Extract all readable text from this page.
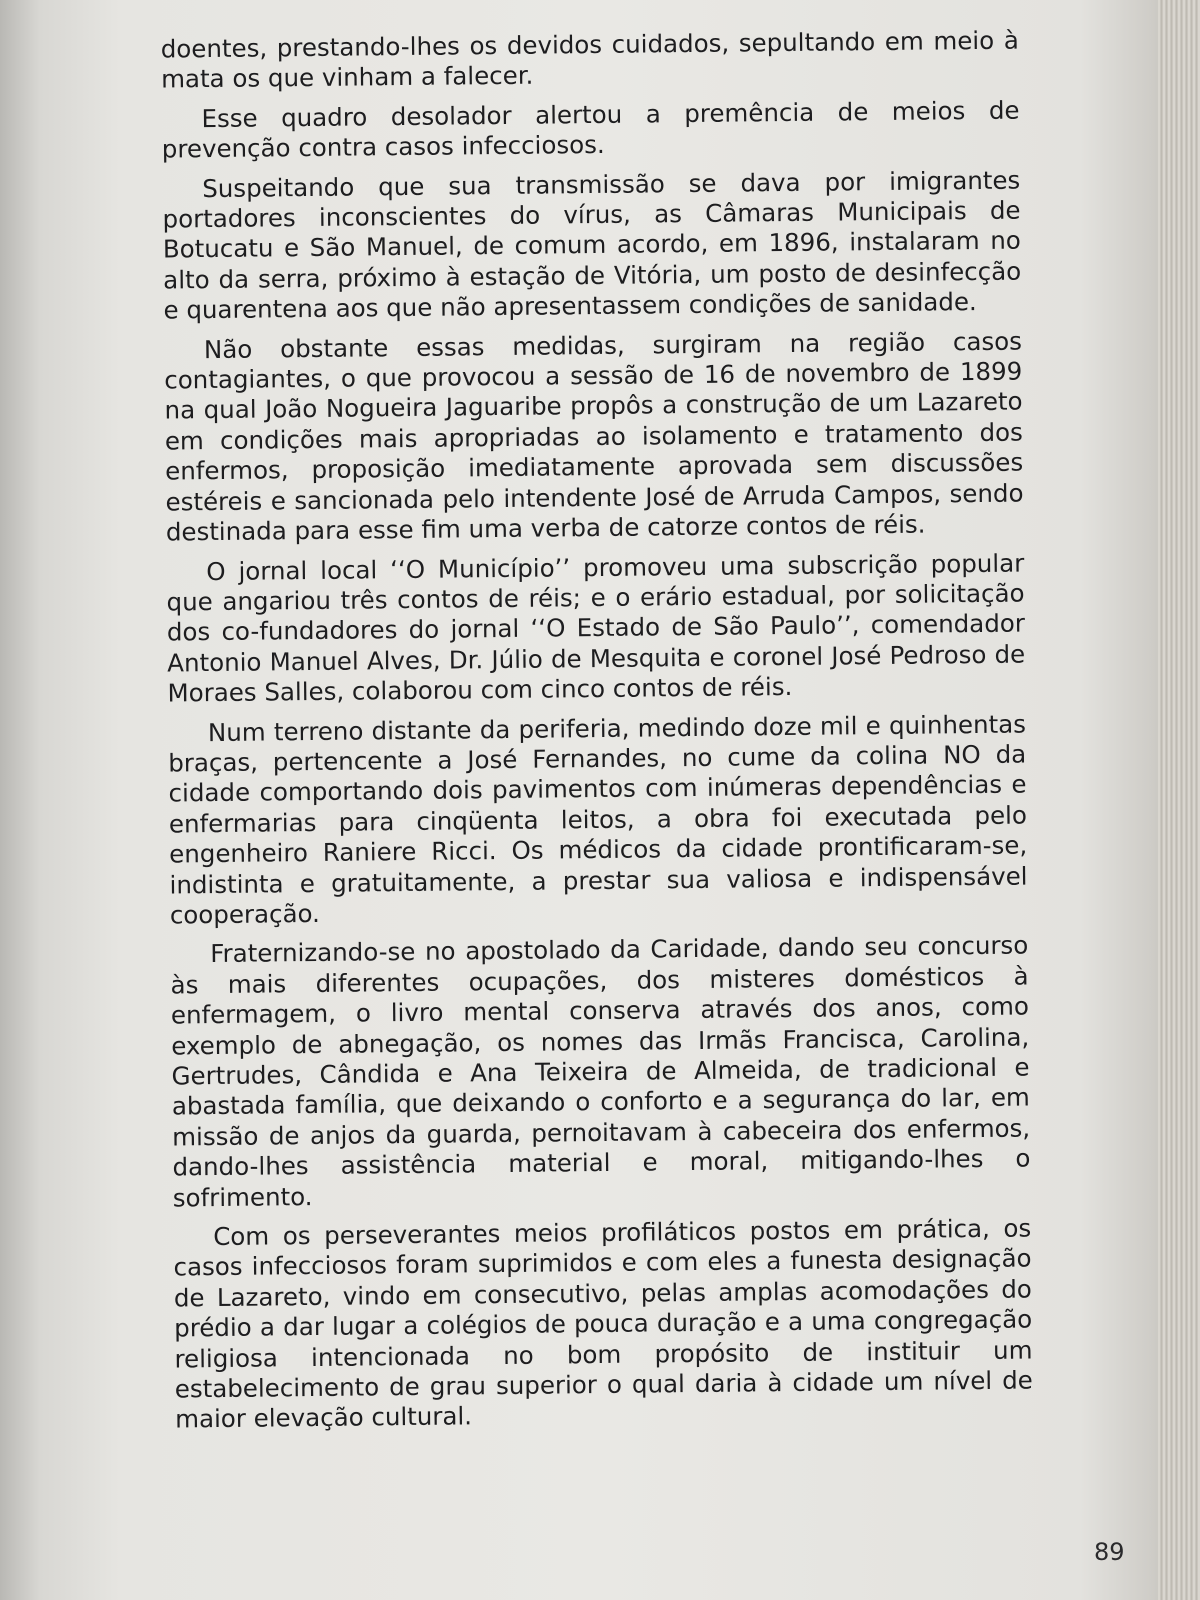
doentes, prestando-lhes os devidos cuidados, sepultando em meio à mata os que vinham a falecer.

Esse quadro desolador alertou a premência de meios de prevenção contra casos infecciosos.

Suspeitando que sua transmissão se dava por imigrantes portadores inconscientes do vírus, as Câmaras Municipais de Botucatu e São Manuel, de comum acordo, em 1896, instalaram no alto da serra, próximo à estação de Vitória, um posto de desinfecção e quarentena aos que não apresentassem condições de sanidade.

Não obstante essas medidas, surgiram na região casos contagiantes, o que provocou a sessão de 16 de novembro de 1899 na qual João Nogueira Jaguaribe propôs a construção de um Lazareto em condições mais apropriadas ao isolamento e tratamento dos enfermos, proposição imediatamente aprovada sem discussões estéreis e sancionada pelo intendente José de Arruda Campos, sendo destinada para esse fim uma verba de catorze contos de réis.

O jornal local ‘‘O Município’’ promoveu uma subscrição popular que angariou três contos de réis; e o erário estadual, por solicitação dos co-fundadores do jornal ‘‘O Estado de São Paulo’’, comendador Antonio Manuel Alves, Dr. Júlio de Mesquita e coronel José Pedroso de Moraes Salles, colaborou com cinco contos de réis.

Num terreno distante da periferia, medindo doze mil e quinhentas braças, pertencente a José Fernandes, no cume da colina NO da cidade comportando dois pavimentos com inúmeras dependências e enfermarias para cinqüenta leitos, a obra foi executada pelo engenheiro Raniere Ricci. Os médicos da cidade prontificaram-se, indistinta e gratuitamente, a prestar sua valiosa e indispensável cooperação.

Fraternizando-se no apostolado da Caridade, dando seu concurso às mais diferentes ocupações, dos misteres domésticos à enfermagem, o livro mental conserva através dos anos, como exemplo de abnegação, os nomes das Irmãs Francisca, Carolina, Gertrudes, Cândida e Ana Teixeira de Almeida, de tradicional e abastada família, que deixando o conforto e a segurança do lar, em missão de anjos da guarda, pernoitavam à cabeceira dos enfermos, dando-lhes assistência material e moral, mitigando-lhes o sofrimento.

Com os perseverantes meios profiláticos postos em prática, os casos infecciosos foram suprimidos e com eles a funesta designação de Lazareto, vindo em consecutivo, pelas amplas acomodações do prédio a dar lugar a colégios de pouca duração e a uma congregação religiosa intencionada no bom propósito de instituir um estabelecimento de grau superior o qual daria à cidade um nível de maior elevação cultural.

89
